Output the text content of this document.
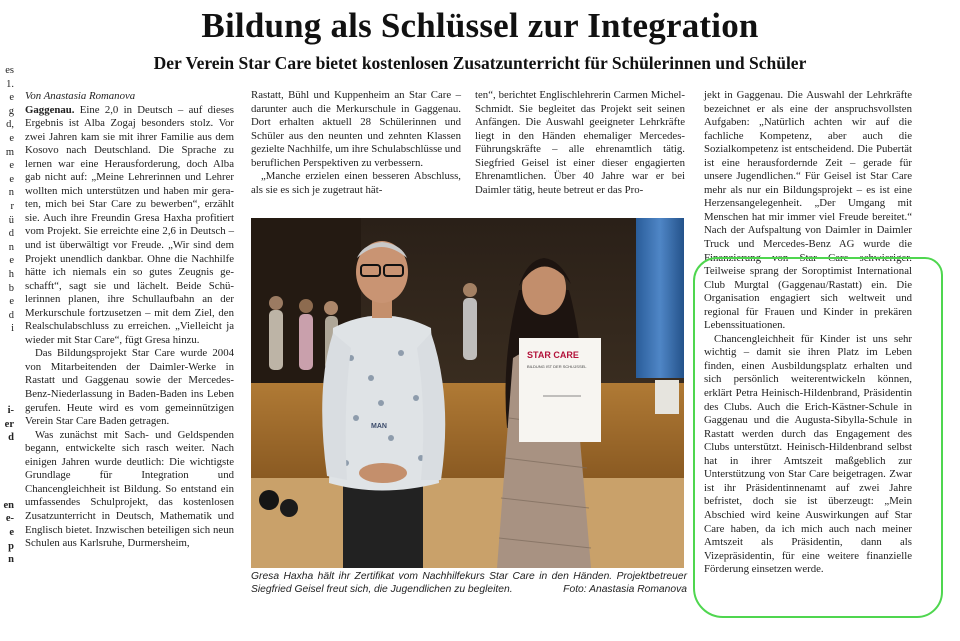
Bildung als Schlüssel zur Integration
Der Verein Star Care bietet kostenlosen Zusatzunterricht für Schülerinnen und Schüler
es
1.
e
g
d,
e
m
e
e
n
r
ü
d
n
e
h
b
e
d
i
i-
er
d
en
e-
e
p
n

Von Anastasia Romanova

Gaggenau. Eine 2,0 in Deutsch – auf dieses Ergebnis ist Alba Zogaj besonders stolz. Vor zwei Jahren kam sie mit ihrer Familie aus dem Kosovo nach Deutschland. Die Sprache zu lernen war eine Herausforderung, doch Alba gab nicht auf: „Meine Lehrerinnen und Lehrer wollten mich unterstützen und haben mir geraten, mich bei Star Care zu bewerben“, erzählt sie. Auch ihre Freundin Gresa Haxha profitiert vom Projekt. Sie erreichte eine 2,6 in Deutsch – und ist überwältigt vor Freude. „Wir sind dem Projekt unendlich dankbar. Ohne die Nachhilfe hätte ich niemals ein so gutes Zeugnis geschafft“, sagt sie und lächelt. Beide Schülerinnen planen, ihre Schullaufbahn an der Merkurschule fortzusetzen – mit dem Ziel, den Realschulabschluss zu erreichen. „Vielleicht ja wieder mit Star Care“, fügt Gresa hinzu.

Das Bildungsprojekt Star Care wurde 2004 von Mitarbeitenden der Daimler-Werke in Rastatt und Gaggenau sowie der Mercedes-Benz-Niederlassung in Baden-Baden ins Leben gerufen. Heute wird es vom gemeinnützigen Verein Star Care Baden getragen.

Was zunächst mit Sach- und Geldspenden begann, entwickelte sich rasch weiter. Nach einigen Jahren wurde deutlich: Die wichtigste Grundlage für Integration und Chancengleichheit ist Bildung. So entstand ein umfassendes Schulprojekt, das kostenlosen Zusatzunterricht in Deutsch, Mathematik und Englisch bietet. Inzwischen beteiligen sich neun Schulen aus Karlsruhe, Durmersheim,

Rastatt, Bühl und Kuppenheim an Star Care – darunter auch die Merkurschule in Gaggenau. Dort erhalten aktuell 28 Schülerinnen und Schüler aus den neunten und zehnten Klassen gezielte Nachhilfe, um ihre Schulabschlüsse und beruflichen Perspektiven zu verbessern.

„Manche erzielen einen besseren Abschluss, als sie es sich je zugetraut hät-

ten“, berichtet Englischlehrerin Carmen Michel-Schmidt. Sie begleitet das Projekt seit seinen Anfängen. Die Auswahl geeigneter Lehrkräfte liegt in den Händen ehemaliger Mercedes-Führungskräfte – alle ehrenamtlich tätig. Siegfried Geisel ist einer dieser engagierten Ehrenamtlichen. Über 40 Jahre war er bei Daimler tätig, heute betreut er das Pro-

jekt in Gaggenau. Die Auswahl der Lehrkräfte bezeichnet er als eine der anspruchsvollsten Aufgaben: „Natürlich achten wir auf die fachliche Kompetenz, aber auch die Sozialkompetenz ist entscheidend. Die Pubertät ist eine herausfordernde Zeit – gerade für unsere Jugendlichen.“ Für Geisel ist Star Care mehr als nur ein Bildungsprojekt – es ist eine Herzensangelegenheit. „Der Umgang mit Menschen hat mir immer viel Freude bereitet.“ Nach der Aufspaltung von Daimler in Daimler Truck und Mercedes-Benz AG wurde die Finanzierung von Star Care schwieriger. Teilweise sprang der Soroptimist International Club Murgtal (Gaggenau/Rastatt) ein. Die Organisation engagiert sich weltweit und regional für Frauen und Kinder in prekären Lebenssituationen.

Chancengleichheit für Kinder ist uns sehr wichtig – damit sie ihren Platz im Leben finden, einen Ausbildungsplatz erhalten und sich persönlich weiterentwickeln können, erklärt Petra Heinisch-Hildenbrand, Präsidentin des Clubs. Auch die Erich-Kästner-Schule in Gaggenau und die Augusta-Sibylla-Schule in Rastatt werden durch das Engagement des Clubs unterstützt. Heinisch-Hildenbrand selbst hat in ihrer Amtszeit maßgeblich zur Unterstützung von Star Care beigetragen. Zwar ist ihr Präsidentinnenamt auf zwei Jahre befristet, doch sie ist überzeugt: „Mein Abschied wird keine Auswirkungen auf Star Care haben, da ich mich auch nach meiner Amtszeit als Präsidentin, dann als Vizepräsidentin, für eine weitere finanzielle Förderung einsetzen werde.

MAN
STAR CARE
BILDUNG IST DER SCHLÜSSEL
Gresa Haxha hält ihr Zertifikat vom Nachhilfekurs Star Care in den Händen. Projektbetreuer Siegfried Geisel freut sich, die Jugendlichen zu begleiten.	Foto: Anastasia Romanova
